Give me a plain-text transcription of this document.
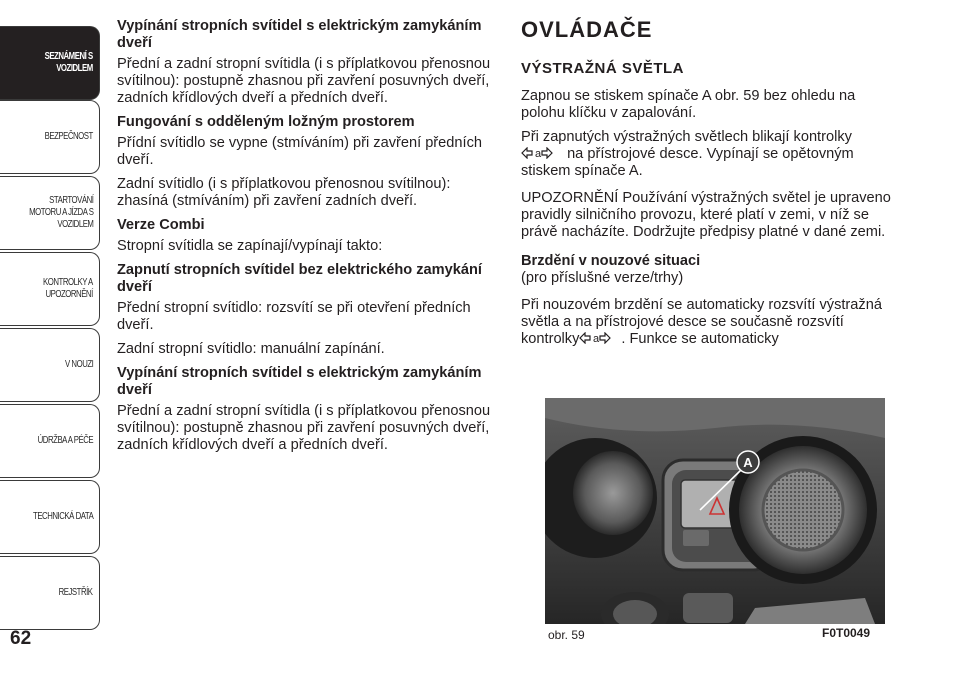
SEZNÁMENÍ S
VOZIDLEM
BEZPEČNOST
STARTOVÁNÍ
MOTORU A JÍZDA S
VOZIDLEM
KONTROLKY A
UPOZORNĚNÍ
V NOUZI
ÚDRŽBA A PÉČE
TECHNICKÁ DATA
REJSTŘÍK
62

Vypínání stropních svítidel s elektrickým zamykáním dveří

Přední a zadní stropní svítidla (i s příplatkovou přenosnou svítilnou): postupně zhasnou při zavření posuvných dveří, zadních křídlových dveří a předních dveří.

Fungování s odděleným ložným prostorem

Přídní svítidlo se vypne (stmíváním) při zavření předních dveří.

Zadní svítidlo (i s příplatkovou přenosnou svítilnou): zhasíná (stmíváním) při zavření zadních dveří.

Verze Combi

Stropní svítidla se zapínají/vypínají takto:

Zapnutí stropních svítidel bez elektrického zamykání dveří

Přední stropní svítidlo: rozsvítí se při otevření předních dveří.

Zadní stropní svítidlo: manuální zapínání.

Vypínání stropních svítidel s elektrickým zamykáním dveří

Přední a zadní stropní svítidla (i s příplatkovou přenosnou svítilnou): postupně zhasnou při zavření posuvných dveří, zadních křídlových dveří a předních dveří.

OVLÁDAČE
VÝSTRAŽNÁ SVĚTLA

Zapnou se stiskem spínače A obr. 59 bez ohledu na polohu klíčku v zapalování.

Při zapnutých výstražných světlech blikají kontrolky

a na přístrojové desce. Vypínají se opětovným stiskem spínače A.

UPOZORNĚNÍ Používání výstražných světel je upraveno pravidly silničního provozu, které platí v zemi, v níž se právě nacházíte. Dodržujte předpisy platné v dané zemi.

Brzdění v nouzové situaci

(pro příslušné verze/trhy)

Při nouzovém brzdění se automaticky rozsvítí výstražná světla a na přístrojové desce se současně rozsvítí kontrolky a . Funkce se automaticky

A
obr. 59	F0T0049
